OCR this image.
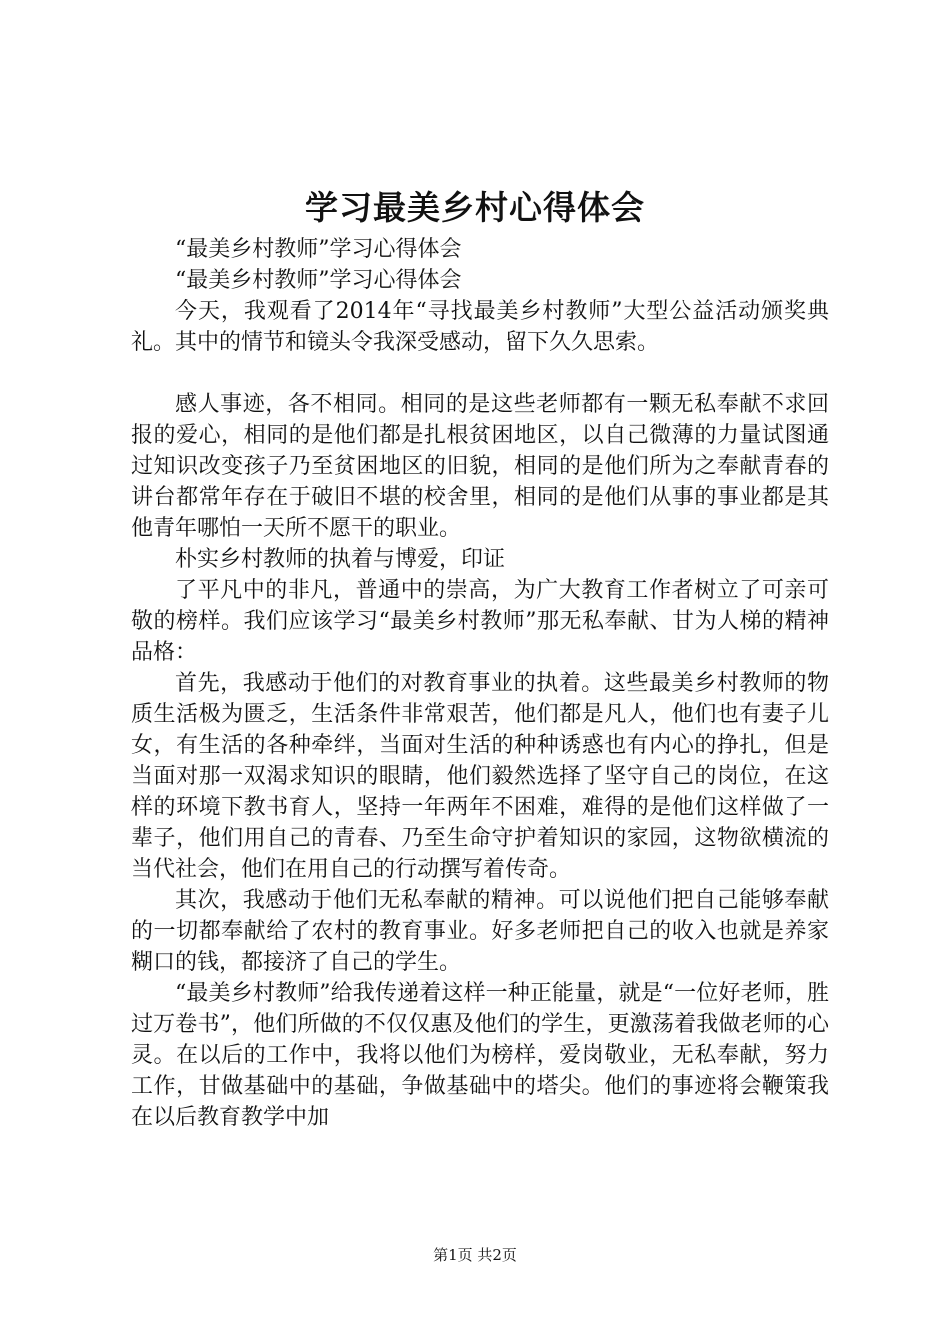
学习最美乡村心得体会

“最美乡村教师”学习心得体会

“最美乡村教师”学习心得体会

今天，我观看了2014年“寻找最美乡村教师”大型公益活动颁奖典礼。其中的情节和镜头令我深受感动，留下久久思索。

感人事迹，各不相同。相同的是这些老师都有一颗无私奉献不求回报的爱心，相同的是他们都是扎根贫困地区，以自己微薄的力量试图通过知识改变孩子乃至贫困地区的旧貌，相同的是他们所为之奉献青春的讲台都常年存在于破旧不堪的校舍里，相同的是他们从事的事业都是其他青年哪怕一天所不愿干的职业。

朴实乡村教师的执着与博爱，印证

了平凡中的非凡，普通中的崇高，为广大教育工作者树立了可亲可敬的榜样。我们应该学习“最美乡村教师”那无私奉献、甘为人梯的精神品格：

首先，我感动于他们的对教育事业的执着。这些最美乡村教师的物质生活极为匮乏，生活条件非常艰苦，他们都是凡人，他们也有妻子儿女，有生活的各种牵绊，当面对生活的种种诱惑也有内心的挣扎，但是当面对那一双渴求知识的眼睛，他们毅然选择了坚守自己的岗位，在这样的环境下教书育人，坚持一年两年不困难，难得的是他们这样做了一辈子，他们用自己的青春、乃至生命守护着知识的家园，这物欲横流的当代社会，他们在用自己的行动撰写着传奇。

其次，我感动于他们无私奉献的精神。可以说他们把自己能够奉献的一切都奉献给了农村的教育事业。好多老师把自己的收入也就是养家糊口的钱，都接济了自己的学生。

“最美乡村教师”给我传递着这样一种正能量，就是“一位好老师，胜过万卷书”，他们所做的不仅仅惠及他们的学生，更激荡着我做老师的心灵。在以后的工作中，我将以他们为榜样，爱岗敬业，无私奉献，努力工作，甘做基础中的基础，争做基础中的塔尖。他们的事迹将会鞭策我在以后教育教学中加

第1页 共2页
